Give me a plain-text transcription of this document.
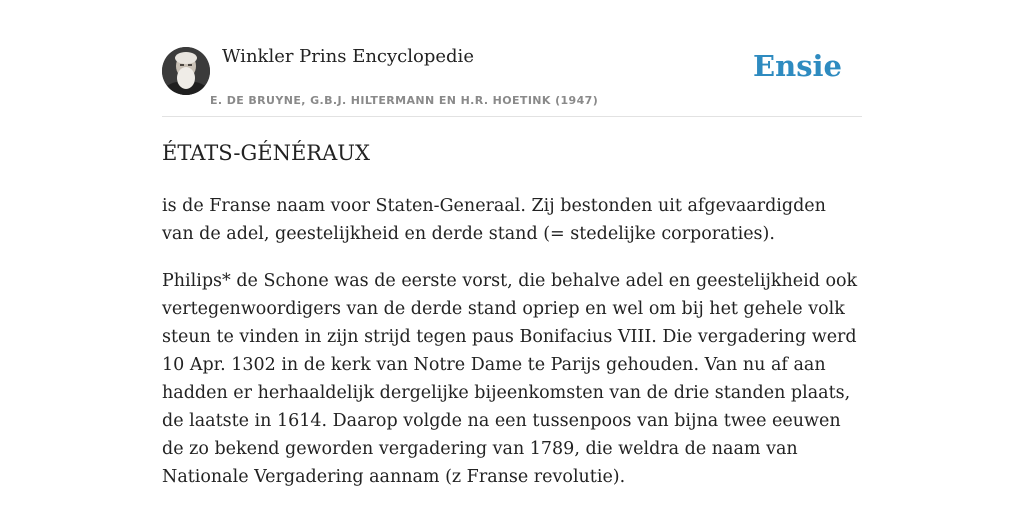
Winkler Prins Encyclopedie
E. DE BRUYNE, G.B.J. HILTERMANN EN H.R. HOETINK (1947)
Ensie
ÉTATS-GÉNÉRAUX

is de Franse naam voor Staten-Generaal. Zij bestonden uit afgevaardigden van de adel, geestelijkheid en derde stand (= stedelijke corporaties).

Philips* de Schone was de eerste vorst, die behalve adel en geestelijkheid ook vertegenwoordigers van de derde stand opriep en wel om bij het gehele volk steun te vinden in zijn strijd tegen paus Bonifacius VIII. Die vergadering werd 10 Apr. 1302 in de kerk van Notre Dame te Parijs gehouden. Van nu af aan hadden er herhaaldelijk dergelijke bijeenkomsten van de drie standen plaats, de laatste in 1614. Daarop volgde na een tussenpoos van bijna twee eeuwen de zo bekend geworden vergadering van 1789, die weldra de naam van Nationale Vergadering aannam (z Franse revolutie).
